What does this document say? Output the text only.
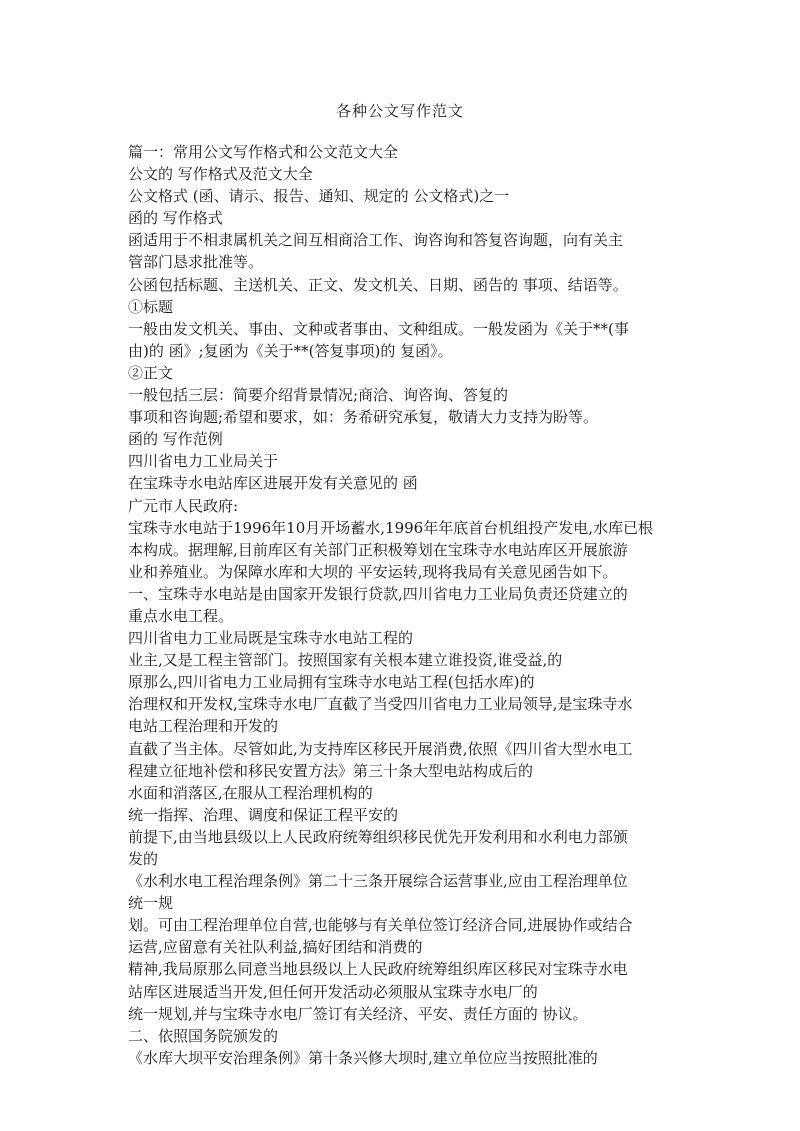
各种公文写作范文
篇一：常用公文写作格式和公文范文大全
公文的 写作格式及范文大全
公文格式 (函、请示、报告、通知、规定的 公文格式)之一
函的 写作格式
函适用于不相隶属机关之间互相商洽工作、询咨询和答复咨询题，向有关主
管部门恳求批准等。
公函包括标题、主送机关、正文、发文机关、日期、函告的 事项、结语等。
①标题
一般由发文机关、事由、文种或者事由、文种组成。一般发函为《关于**(事
由)的 函》;复函为《关于**(答复事项)的 复函》。
②正文
一般包括三层：简要介绍背景情况;商洽、询咨询、答复的
事项和咨询题;希望和要求，如：务希研究承复，敬请大力支持为盼等。
函的 写作范例
四川省电力工业局关于
在宝珠寺水电站库区进展开发有关意见的 函
广元市人民政府:
宝珠寺水电站于1996年10月开场蓄水,1996年年底首台机组投产发电,水库已根
本构成。据理解,目前库区有关部门正积极筹划在宝珠寺水电站库区开展旅游
业和养殖业。为保障水库和大坝的 平安运转,现将我局有关意见函告如下。
一、宝珠寺水电站是由国家开发银行贷款,四川省电力工业局负责还贷建立的
重点水电工程。
四川省电力工业局既是宝珠寺水电站工程的
业主,又是工程主管部门。按照国家有关根本建立谁投资,谁受益,的
原那么,四川省电力工业局拥有宝珠寺水电站工程(包括水库)的
治理权和开发权,宝珠寺水电厂直截了当受四川省电力工业局领导,是宝珠寺水
电站工程治理和开发的
直截了当主体。尽管如此,为支持库区移民开展消费,依照《四川省大型水电工
程建立征地补偿和移民安置方法》第三十条大型电站构成后的
水面和消落区,在服从工程治理机构的
统一指挥、治理、调度和保证工程平安的
前提下,由当地县级以上人民政府统筹组织移民优先开发利用和水利电力部颁
发的
《水利水电工程治理条例》第二十三条开展综合运营事业,应由工程治理单位
统一规
划。可由工程治理单位自营,也能够与有关单位签订经济合同,进展协作或结合
运营,应留意有关社队利益,搞好团结和消费的
精神,我局原那么同意当地县级以上人民政府统筹组织库区移民对宝珠寺水电
站库区进展适当开发,但任何开发活动必须服从宝珠寺水电厂的
统一规划,并与宝珠寺水电厂签订有关经济、平安、责任方面的 协议。
二、依照国务院颁发的
《水库大坝平安治理条例》第十条兴修大坝时,建立单位应当按照批准的
